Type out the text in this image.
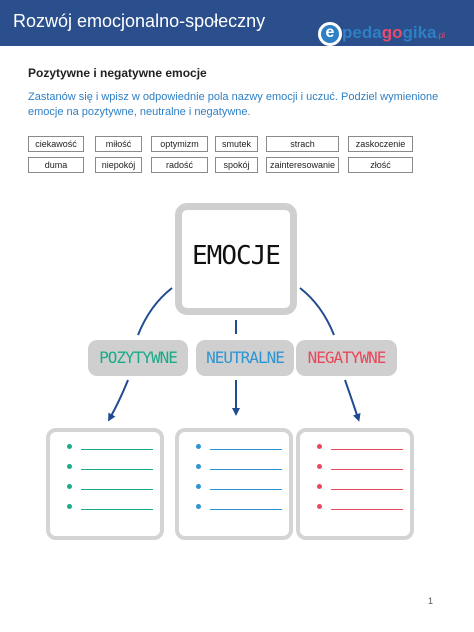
Rozwój emocjonalno-społeczny
e pedagogika.pl
Pozytywne i negatywne emocje
Zastanów się i wpisz w odpowiednie pola nazwy emocji i uczuć. Podziel wymienione emocje na pozytywne, neutralne i negatywne.
ciekawość	miłość	optymizm	smutek	strach	zaskoczenie
duma	niepokój	radość	spokój	zainteresowanie	złość
EMOCJE
POZYTYWNE	NEUTRALNE	NEGATYWNE
1
